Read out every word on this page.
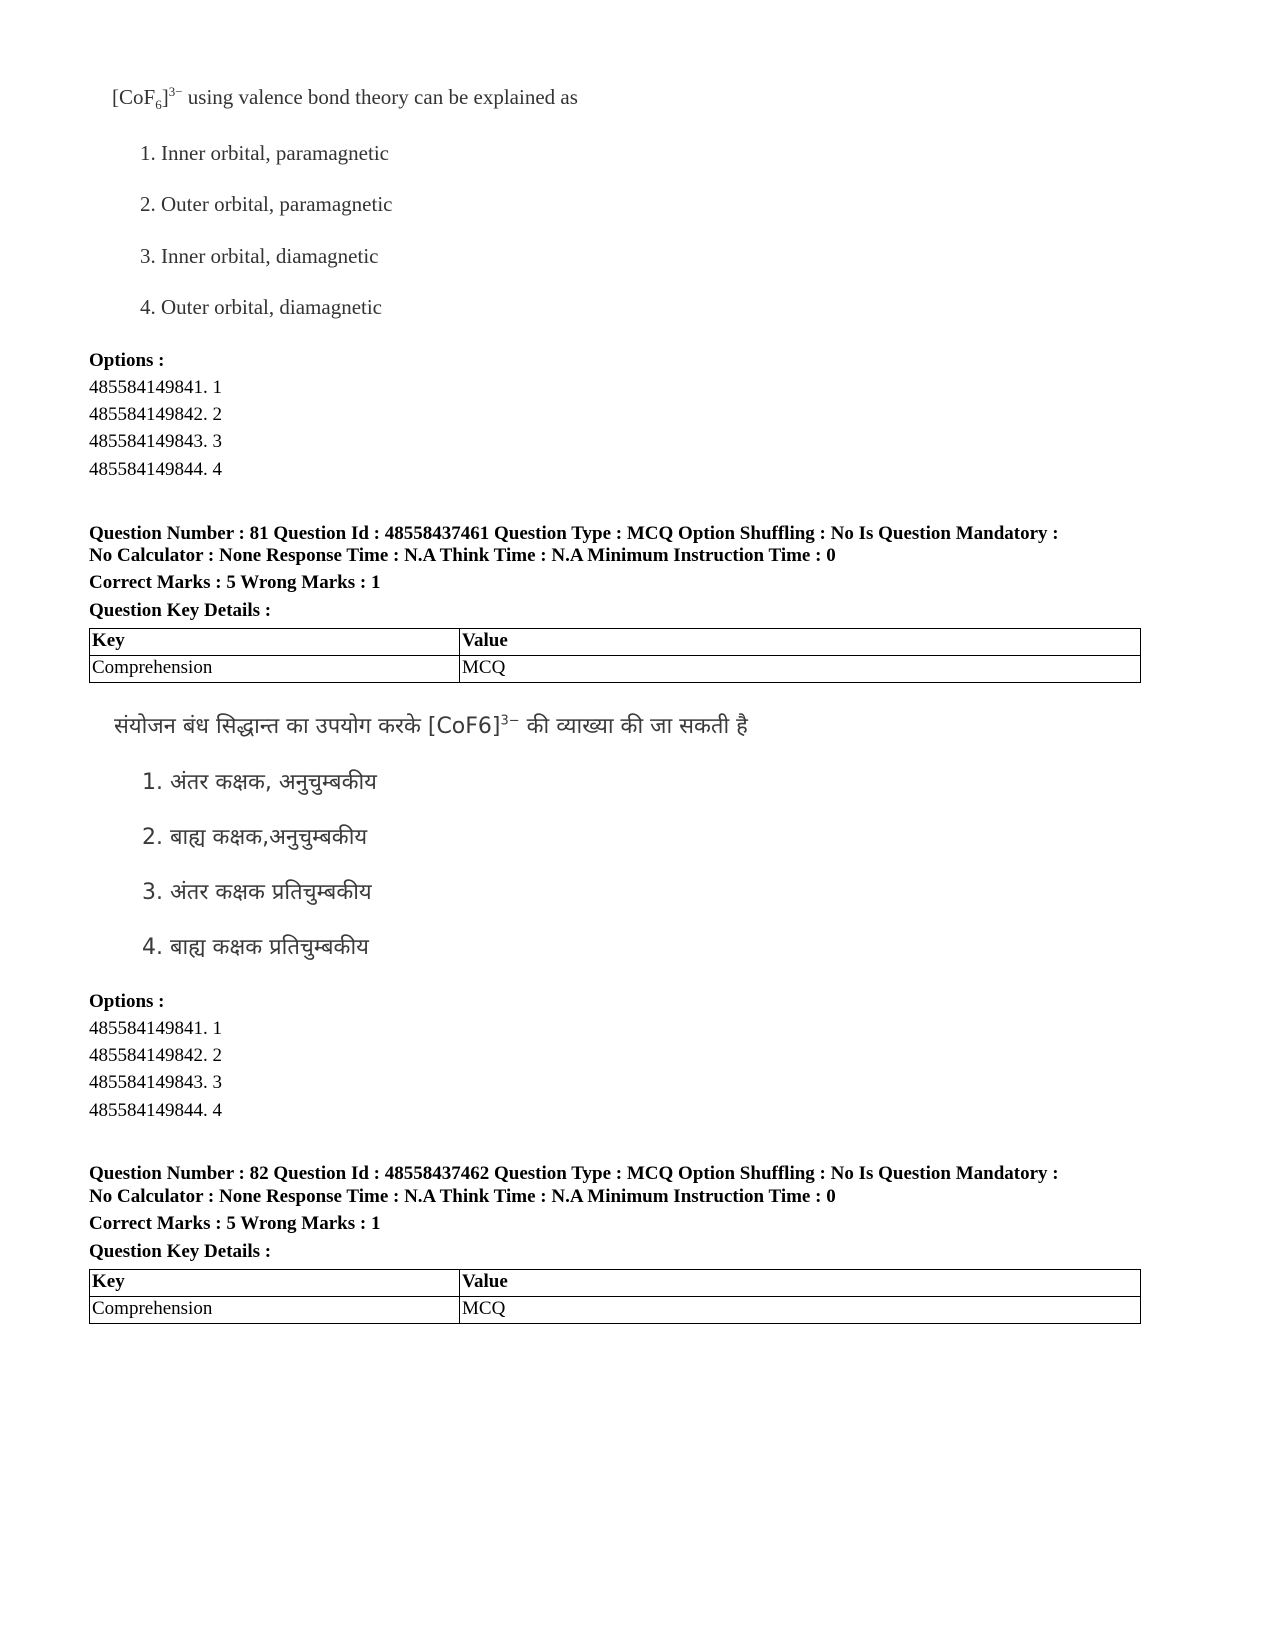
$[CoF_6]^{3-}$ using valence bond theory can be explained as
1. Inner orbital, paramagnetic
2. Outer orbital, paramagnetic
3. Inner orbital, diamagnetic
4. Outer orbital, diamagnetic
Options :
485584149841. 1
485584149842. 2
485584149843. 3
485584149844. 4
Question Number : 81 Question Id : 48558437461 Question Type : MCQ Option Shuffling : No Is Question Mandatory :
No Calculator : None Response Time : N.A Think Time : N.A Minimum Instruction Time : 0
Correct Marks : 5 Wrong Marks : 1
Question Key Details :
Key	Value
Comprehension	MCQ
संयोजन बंध सिद्धान्त का उपयोग करके $[CoF6]^{3-}$ की व्याख्या की जा सकती है
1. अंतर कक्षक, अनुचुम्बकीय
2. बाह्य कक्षक,अनुचुम्बकीय
3. अंतर कक्षक प्रतिचुम्बकीय
4. बाह्य कक्षक प्रतिचुम्बकीय
Options :
485584149841. 1
485584149842. 2
485584149843. 3
485584149844. 4
Question Number : 82 Question Id : 48558437462 Question Type : MCQ Option Shuffling : No Is Question Mandatory :
No Calculator : None Response Time : N.A Think Time : N.A Minimum Instruction Time : 0
Correct Marks : 5 Wrong Marks : 1
Question Key Details :
Key	Value
Comprehension	MCQ
